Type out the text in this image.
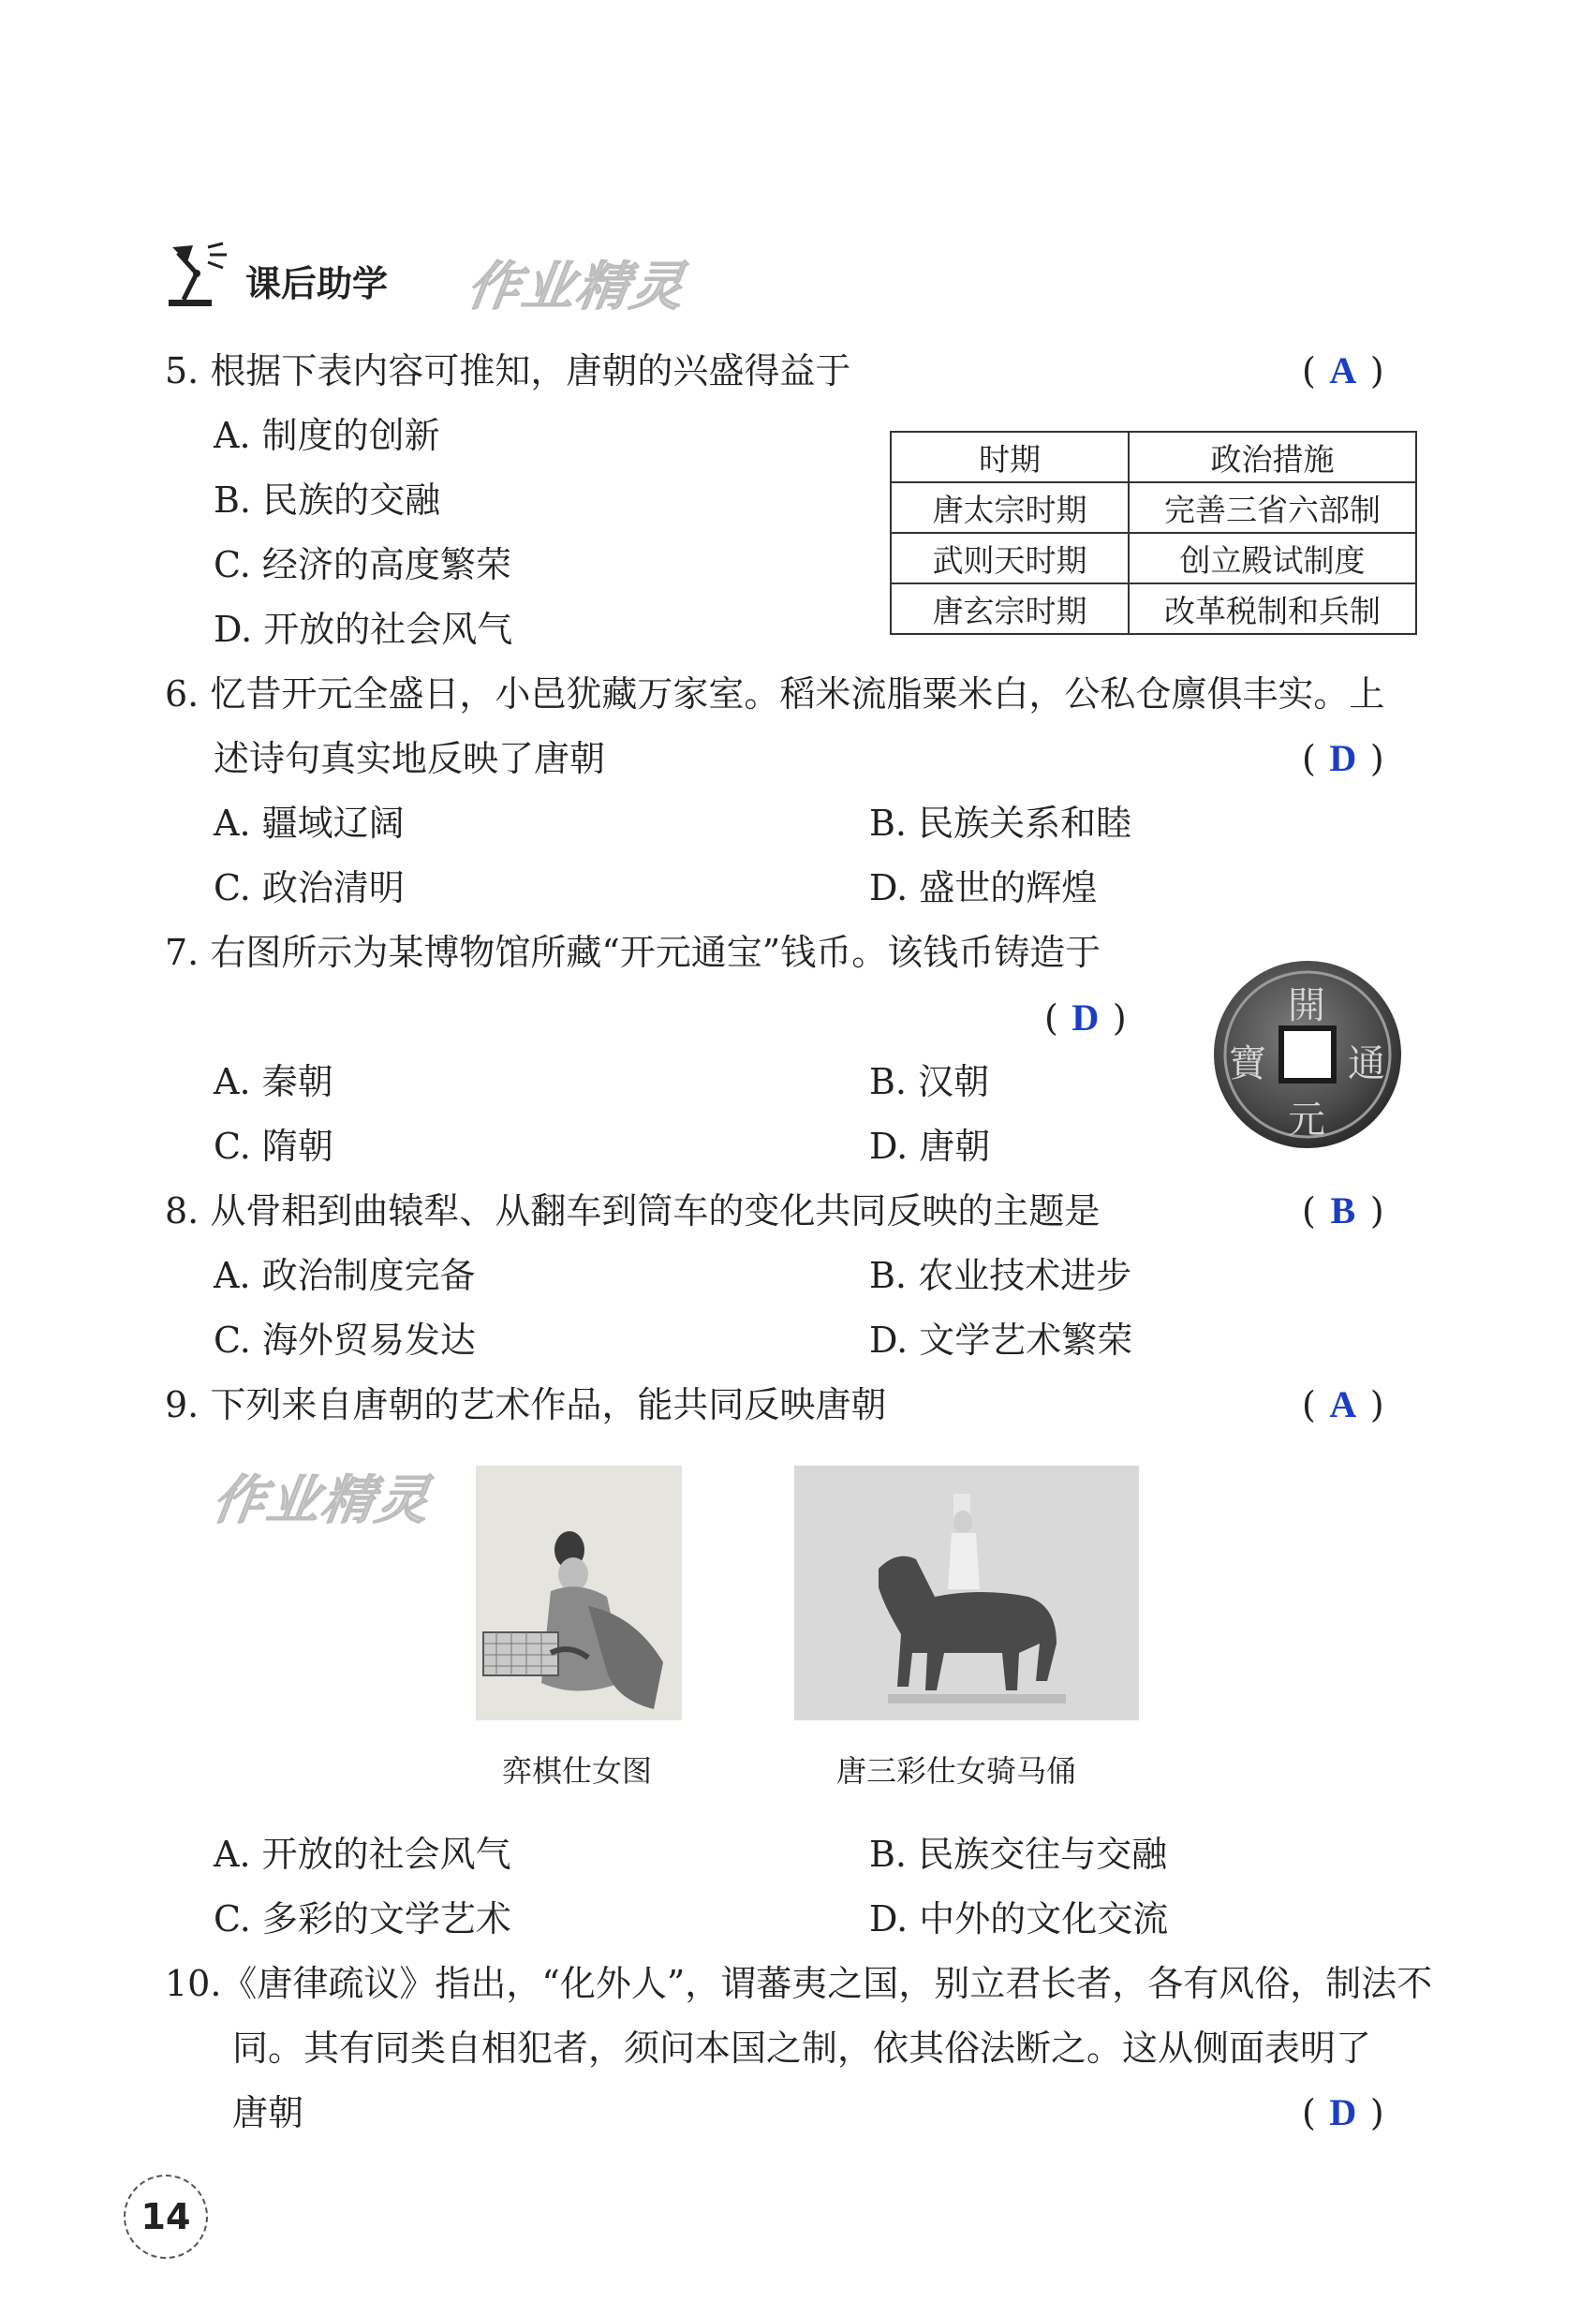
课后助学 作业精灵
5. 根据下表内容可推知，唐朝的兴盛得益于	( A )
A. 制度的创新
B. 民族的交融
C. 经济的高度繁荣
D. 开放的社会风气
时期	政治措施
唐太宗时期	完善三省六部制
武则天时期	创立殿试制度
唐玄宗时期	改革税制和兵制
6. 忆昔开元全盛日，小邑犹藏万家室。稻米流脂粟米白，公私仓廪俱丰实。上
述诗句真实地反映了唐朝	( D )
A. 疆域辽阔	B. 民族关系和睦
C. 政治清明	D. 盛世的辉煌
7. 右图所示为某博物馆所藏“开元通宝”钱币。该钱币铸造于
( D )
A. 秦朝	B. 汉朝
C. 隋朝	D. 唐朝
開
通
元
寶
8. 从骨耜到曲辕犁、从翻车到筒车的变化共同反映的主题是	( B )
A. 政治制度完备	B. 农业技术进步
C. 海外贸易发达	D. 文学艺术繁荣
9. 下列来自唐朝的艺术作品，能共同反映唐朝	( A )
作业精灵
弈棋仕女图	唐三彩仕女骑马俑
A. 开放的社会风气	B. 民族交往与交融
C. 多彩的文学艺术	D. 中外的文化交流
10.《唐律疏议》指出，“化外人”，谓蕃夷之国，别立君长者，各有风俗，制法不
同。其有同类自相犯者，须问本国之制，依其俗法断之。这从侧面表明了
唐朝	( D )
14
